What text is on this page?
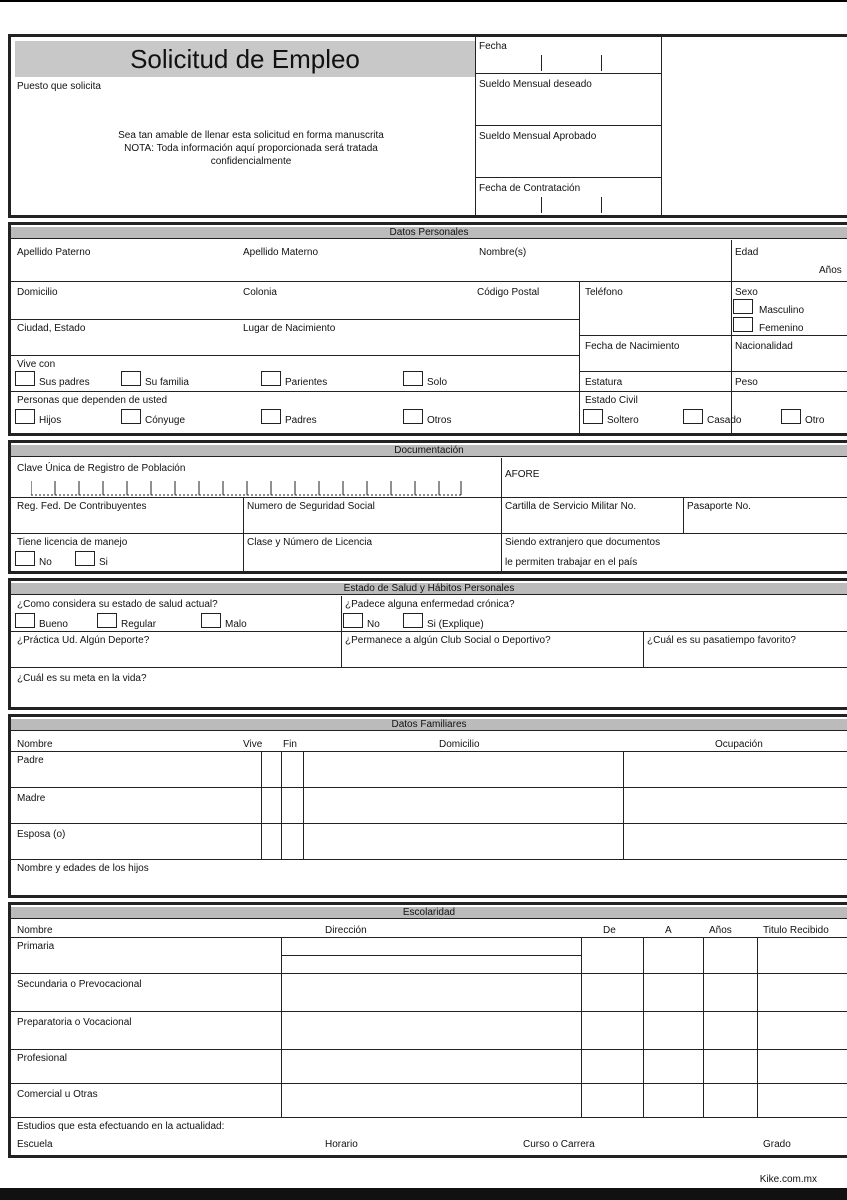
Solicitud de Empleo
Puesto que solicita
Sea tan amable de llenar esta solicitud en forma manuscrita
NOTA: Toda información aquí proporcionada será tratada
confidencialmente
Fecha
Sueldo Mensual deseado
Sueldo Mensual Aprobado
Fecha de Contratación
Datos Personales
Apellido Paterno	Apellido Materno	Nombre(s)	Edad
Años
Domicilio	Colonia	Código Postal	Teléfono	Sexo
Masculino
Femenino
Ciudad, Estado	Lugar de Nacimiento
Fecha de Nacimiento	Nacionalidad
Vive con
Sus padres	Su familia	Parientes	Solo	Estatura	Peso
Personas que dependen de usted
Hijos	Cónyuge	Padres	Otros
Estado Civil
Soltero	Casado	Otro
Documentación
Clave Única de Registro de Población
AFORE
Reg. Fed. De Contribuyentes	Numero de Seguridad Social	Cartilla de Servicio Militar No.	Pasaporte No.
Tiene licencia de manejo
No	Si
Clase y Número de Licencia	Siendo extranjero que documentos
le permiten trabajar en el país
Estado de Salud y Hábitos Personales
¿Como considera su estado de salud actual?
Bueno	Regular	Malo
¿Padece alguna enfermedad crónica?
No	Si (Explique)
¿Práctica Ud. Algún Deporte?	¿Permanece a algún Club Social o Deportivo?	¿Cuál es su pasatiempo favorito?
¿Cuál es su meta en la vida?
Datos Familiares
Nombre	Vive Fin	Domicilio	Ocupación
Padre
Madre
Esposa (o)
Nombre y edades de los hijos
Escolaridad
Nombre	Dirección	De	A	Años	Titulo Recibido
Primaria
Secundaria o Prevocacional
Preparatoria o Vocacional
Profesional
Comercial u Otras
Estudios que esta efectuando en la actualidad:
Escuela	Horario	Curso o Carrera	Grado
Kike.com.mx
